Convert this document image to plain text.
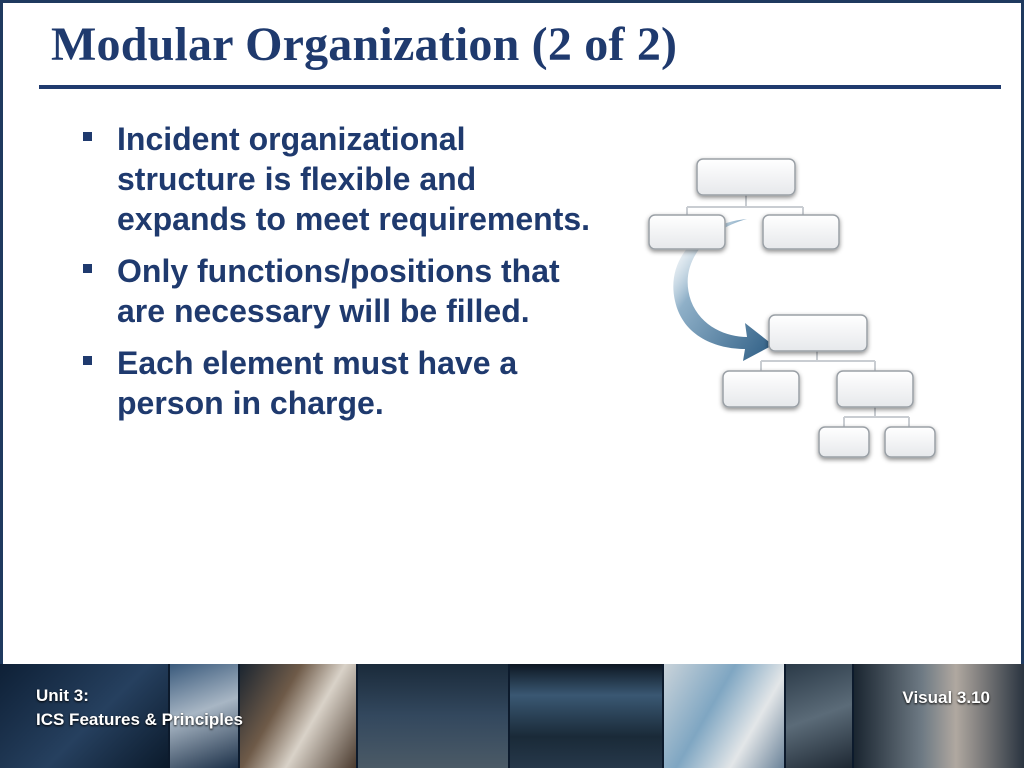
Modular Organization (2 of 2)
Incident organizational structure is flexible and expands to meet requirements.
Only functions/positions that are necessary will be filled.
Each element must have a person in charge.
Unit 3:
ICS Features & Principles
Visual 3.10
